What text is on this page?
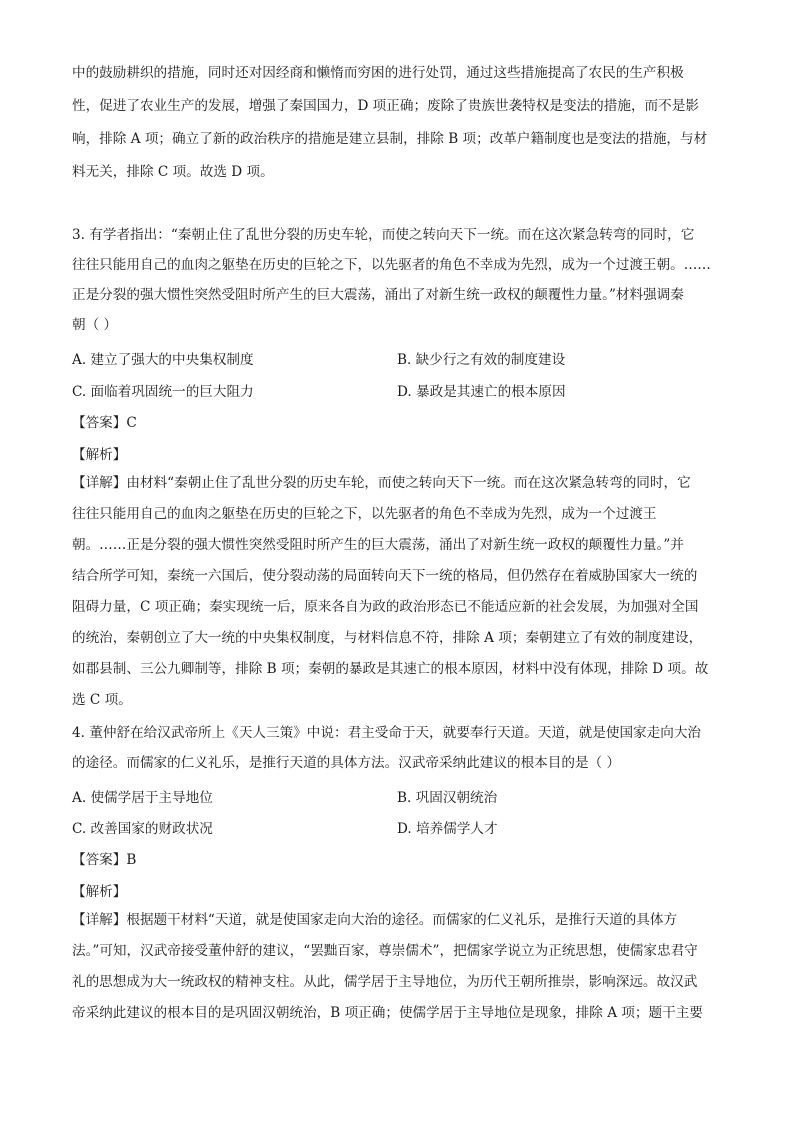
中的鼓励耕织的措施，同时还对因经商和懒惰而穷困的进行处罚，通过这些措施提高了农民的生产积极
性，促进了农业生产的发展，增强了秦国国力，D 项正确；废除了贵族世袭特权是变法的措施，而不是影
响，排除 A 项；确立了新的政治秩序的措施是建立县制，排除 B 项；改革户籍制度也是变法的措施，与材
料无关，排除 C 项。故选 D 项。
3. 有学者指出：“秦朝止住了乱世分裂的历史车轮，而使之转向天下一统。而在这次紧急转弯的同时，它
往往只能用自己的血肉之躯垫在历史的巨轮之下，以先驱者的角色不幸成为先烈，成为一个过渡王朝。……
正是分裂的强大惯性突然受阻时所产生的巨大震荡，涌出了对新生统一政权的颠覆性力量。”材料强调秦
朝（ ）
A. 建立了强大的中央集权制度	B. 缺少行之有效的制度建设
C. 面临着巩固统一的巨大阻力	D. 暴政是其速亡的根本原因
【答案】C
【解析】
【详解】由材料“秦朝止住了乱世分裂的历史车轮，而使之转向天下一统。而在这次紧急转弯的同时，它
往往只能用自己的血肉之躯垫在历史的巨轮之下，以先驱者的角色不幸成为先烈，成为一个过渡王
朝。……正是分裂的强大惯性突然受阻时所产生的巨大震荡，涌出了对新生统一政权的颠覆性力量。”并
结合所学可知，秦统一六国后，使分裂动荡的局面转向天下一统的格局，但仍然存在着威胁国家大一统的
阻碍力量，C 项正确；秦实现统一后，原来各自为政的政治形态已不能适应新的社会发展，为加强对全国
的统治，秦朝创立了大一统的中央集权制度，与材料信息不符，排除 A 项；秦朝建立了有效的制度建设，
如郡县制、三公九卿制等，排除 B 项；秦朝的暴政是其速亡的根本原因，材料中没有体现，排除 D 项。故
选 C 项。
4. 董仲舒在给汉武帝所上《天人三策》中说：君主受命于天，就要奉行天道。天道，就是使国家走向大治
的途径。而儒家的仁义礼乐，是推行天道的具体方法。汉武帝采纳此建议的根本目的是（ ）
A. 使儒学居于主导地位	B. 巩固汉朝统治
C. 改善国家的财政状况	D. 培养儒学人才
【答案】B
【解析】
【详解】根据题干材料“天道，就是使国家走向大治的途径。而儒家的仁义礼乐，是推行天道的具体方
法。”可知，汉武帝接受董仲舒的建议，“罢黜百家，尊崇儒术”，把儒家学说立为正统思想，使儒家忠君守
礼的思想成为大一统政权的精神支柱。从此，儒学居于主导地位，为历代王朝所推崇，影响深远。故汉武
帝采纳此建议的根本目的是巩固汉朝统治，B 项正确；使儒学居于主导地位是现象，排除 A 项；题干主要
